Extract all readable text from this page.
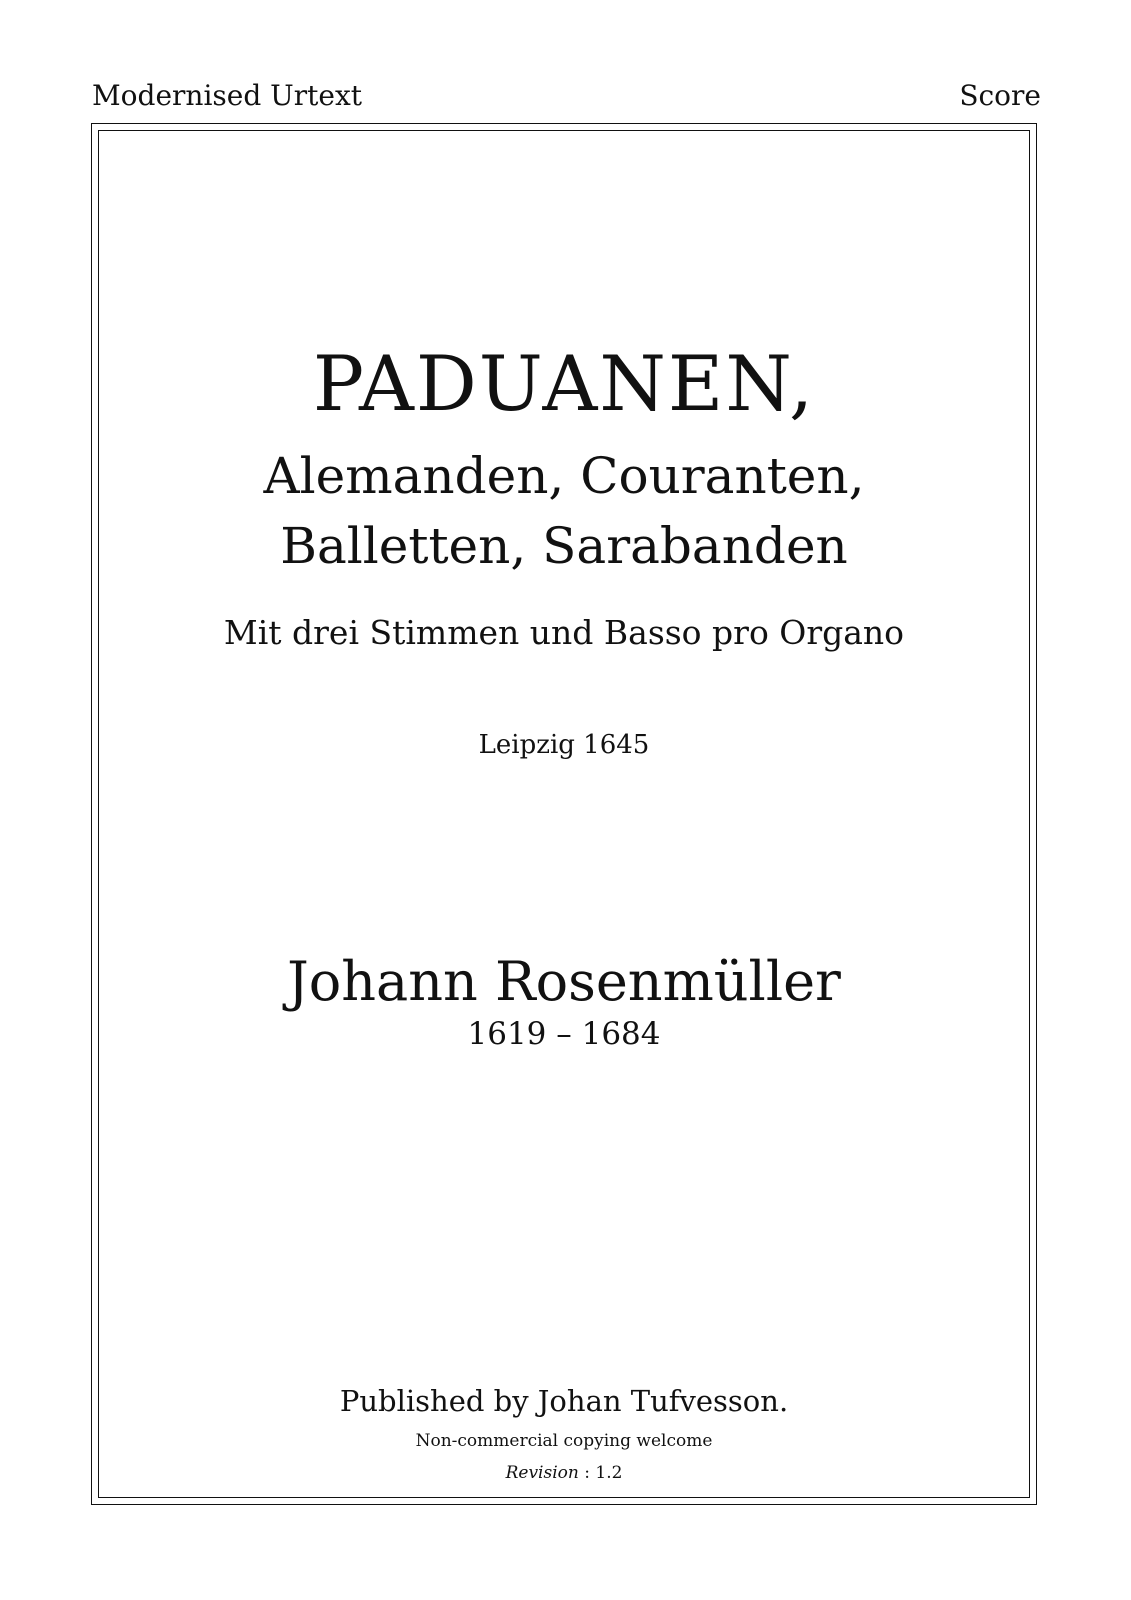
Modernised Urtext	Score
PADUANEN,
Alemanden, Couranten,
Balletten, Sarabanden
Mit drei Stimmen und Basso pro Organo
Leipzig 1645
Johann Rosenmüller
1619 – 1684
Published by Johan Tufvesson.
Non-commercial copying welcome
Revision : 1.2
